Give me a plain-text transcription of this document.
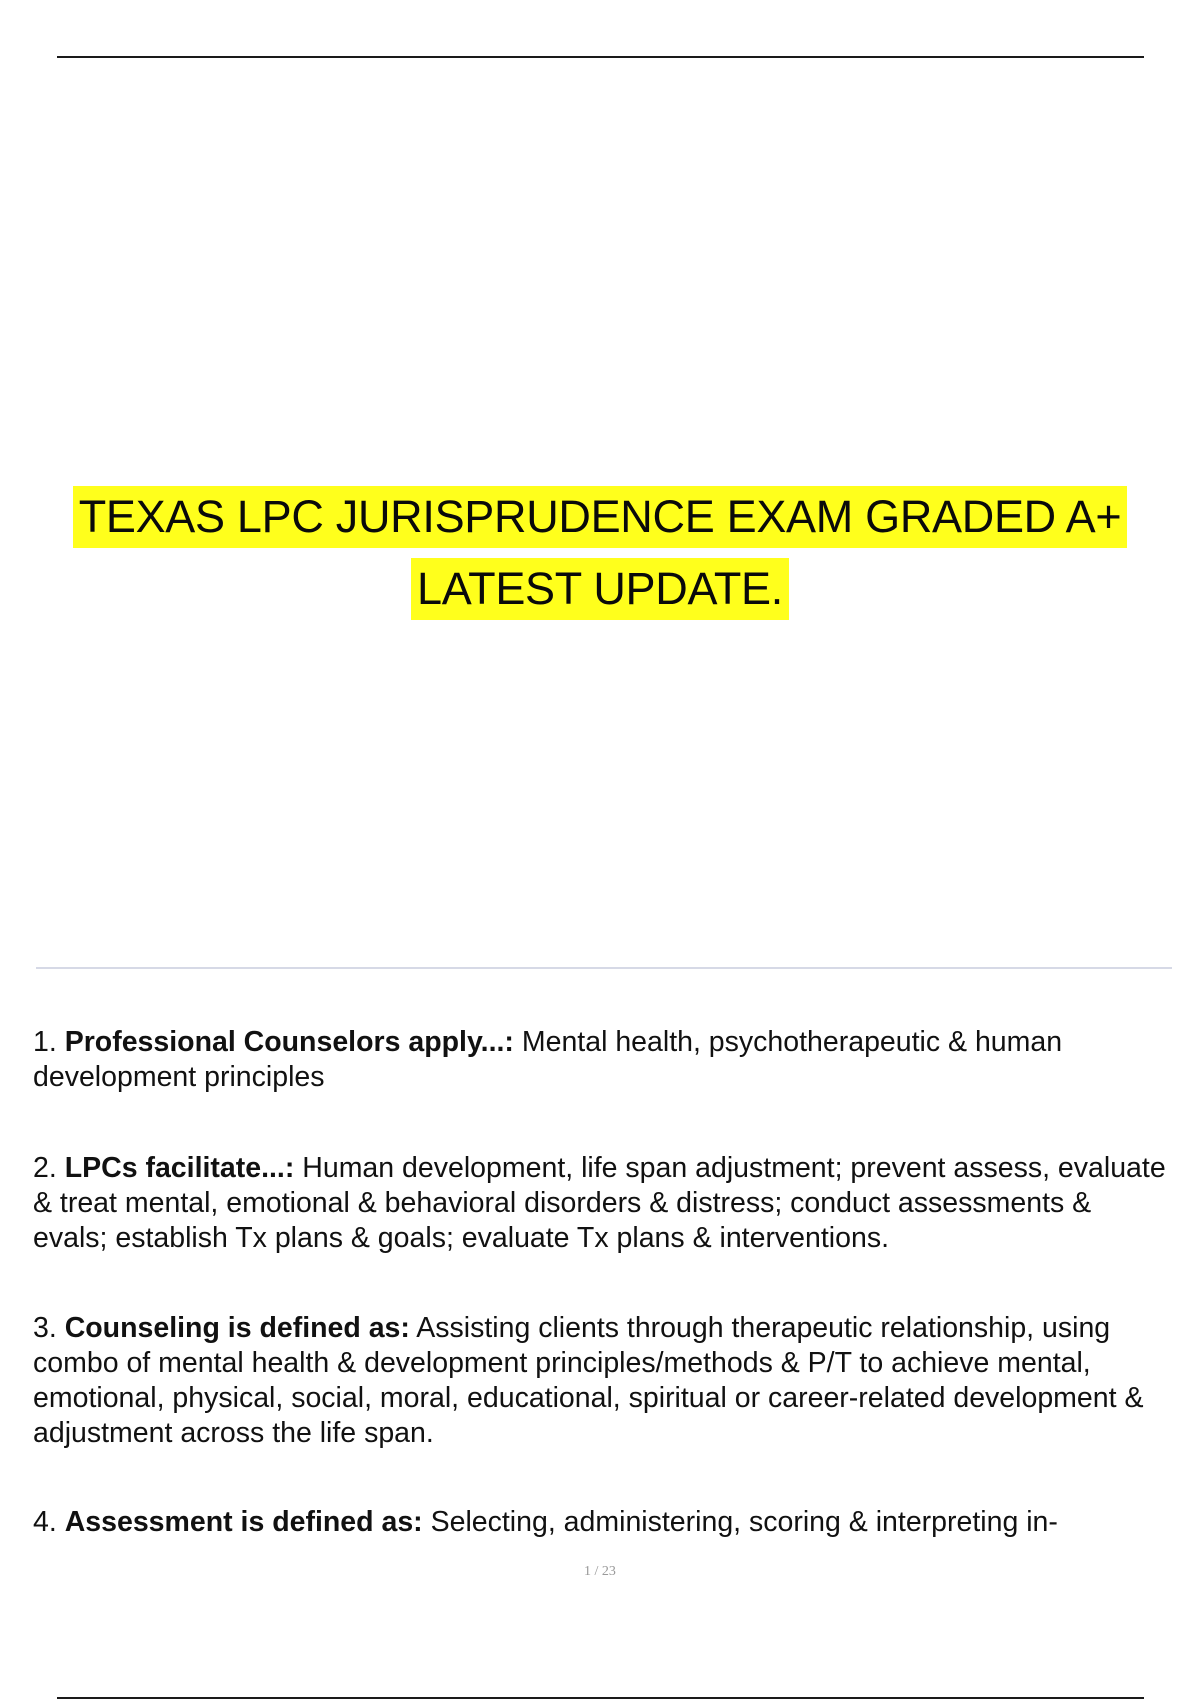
TEXAS LPC JURISPRUDENCE EXAM GRADED A+
LATEST UPDATE.
1. Professional Counselors apply...: Mental health, psychotherapeutic & human development principles
2. LPCs facilitate...: Human development, life span adjustment; prevent assess, evaluate & treat mental, emotional & behavioral disorders & distress; conduct assessments & evals; establish Tx plans & goals; evaluate Tx plans & interventions.
3. Counseling is defined as: Assisting clients through therapeutic relationship, using combo of mental health & development principles/methods & P/T to achieve mental, emotional, physical, social, moral, educational, spiritual or career-related development & adjustment across the life span.
4. Assessment is defined as: Selecting, administering, scoring & interpreting in-
1 / 23
